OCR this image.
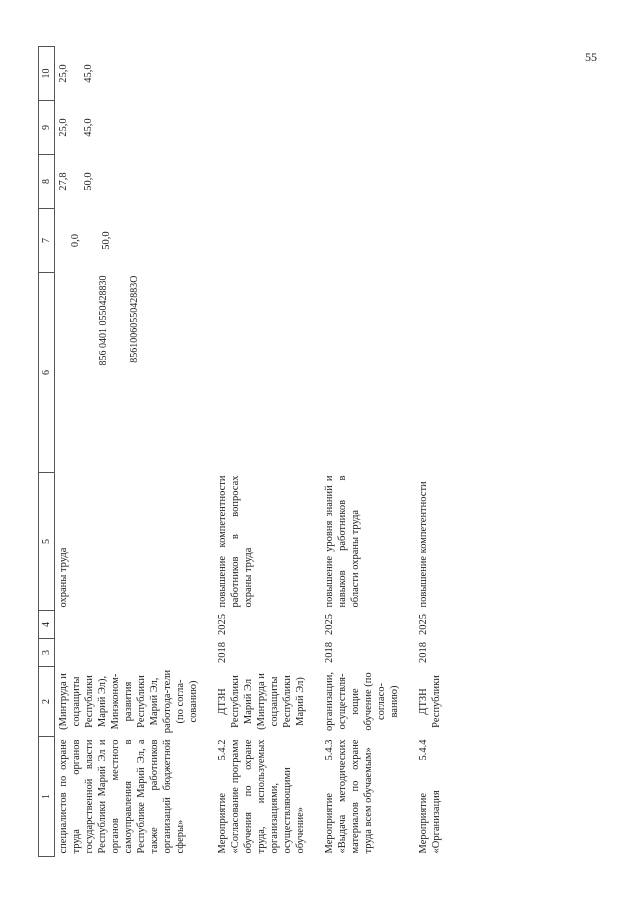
55
1	2	3	4	5	6	7	8	9	10
специалистов по охране труда органов государственной власти Республики Марий Эл и органов местного самоуправления в Республике Марий Эл, а также работников организаций бюджетной сферы»	(Минтруда и соцзащиты Республики Марий Эл), Минэконом-развития Республики Марий Эл, работода-тели (по согла-сованию)			охраны труда	856 0401 0550428830 8561006055042883О	0,0 50,0	27,8 50,0	25,0 45,0	25,0 45,0

Мероприятие 5.4.2 «Согласование программ обучения по охране труда, используемых организациями, осуществляющими обучение»	ДТЗН Республики Марий Эл (Минтруда и соцзащиты Республики Марий Эл)	2018	2025	повышение компетентности работников в вопросах охраны труда					

Мероприятие 5.4.3 «Выдача методических материалов по охране труда всем обучаемым»	организации, осуществля-ющие обучение (по согласо-ванию)	2018	2025	повышение уровня знаний и навыков работников в области охраны труда					

Мероприятие 5.4.4 «Организация	ДТЗН Республики	2018	2025	повышение компетентности					
